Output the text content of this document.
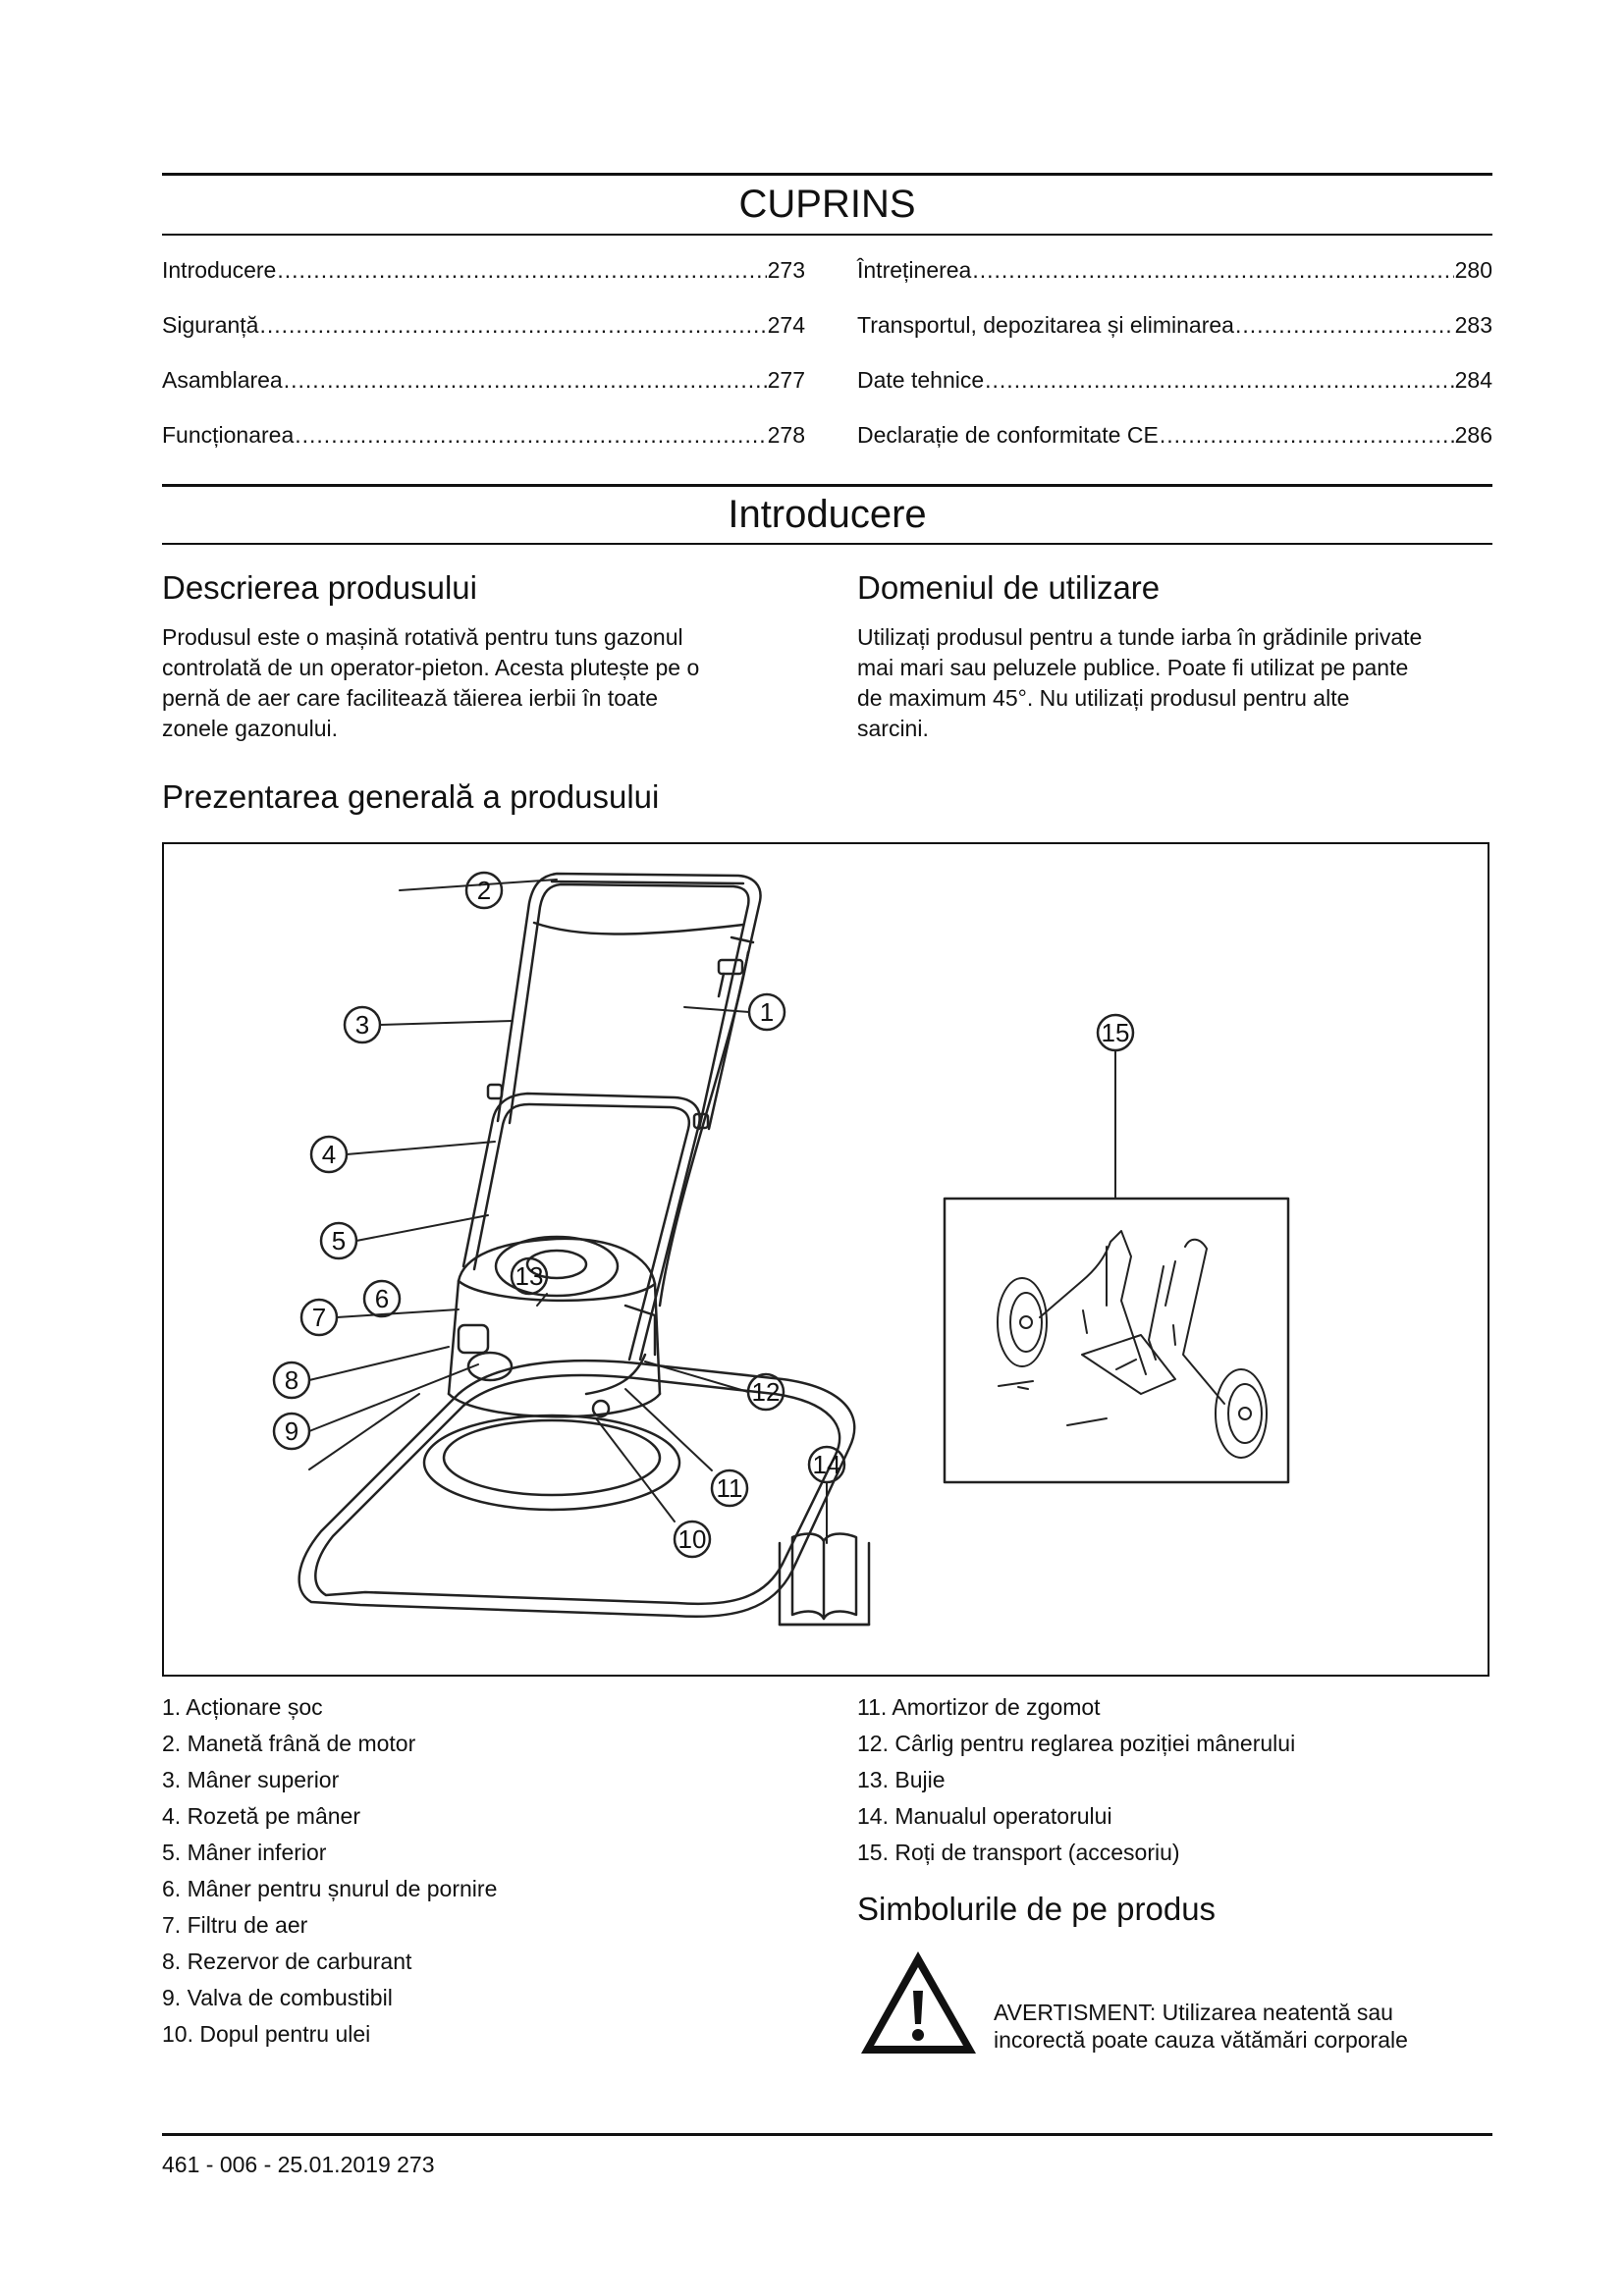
CUPRINS
Introducere .....	273
Siguranță .....	274
Asamblarea .....	277
Funcționarea .....	278
Întreținerea .....	280
Transportul, depozitarea și eliminarea .....	283
Date tehnice .....	284
Declarație de conformitate CE .....	286
Introducere
Descrierea produsului
Produsul este o mașină rotativă pentru tuns gazonul
controlată de un operator-pieton. Acesta plutește pe o
pernă de aer care facilitează tăierea ierbii în toate
zonele gazonului.
Domeniul de utilizare
Utilizați produsul pentru a tunde iarba în grădinile private
mai mari sau peluzele publice. Poate fi utilizat pe pante
de maximum 45°. Nu utilizați produsul pentru alte
sarcini.
Prezentarea generală a produsului
1
2
3
4
5
6
7
8
9
10
11
12
13
14
15
1. Acționare șoc
2. Manetă frână de motor
3. Mâner superior
4. Rozetă pe mâner
5. Mâner inferior
6. Mâner pentru șnurul de pornire
7. Filtru de aer
8. Rezervor de carburant
9. Valva de combustibil
10. Dopul pentru ulei
11. Amortizor de zgomot
12. Cârlig pentru reglarea poziției mânerului
13. Bujie
14. Manualul operatorului
15. Roți de transport (accesoriu)
Simbolurile de pe produs
AVERTISMENT: Utilizarea neatentă sau
incorectă poate cauza vătămări corporale
461 - 006 - 25.01.2019 273
